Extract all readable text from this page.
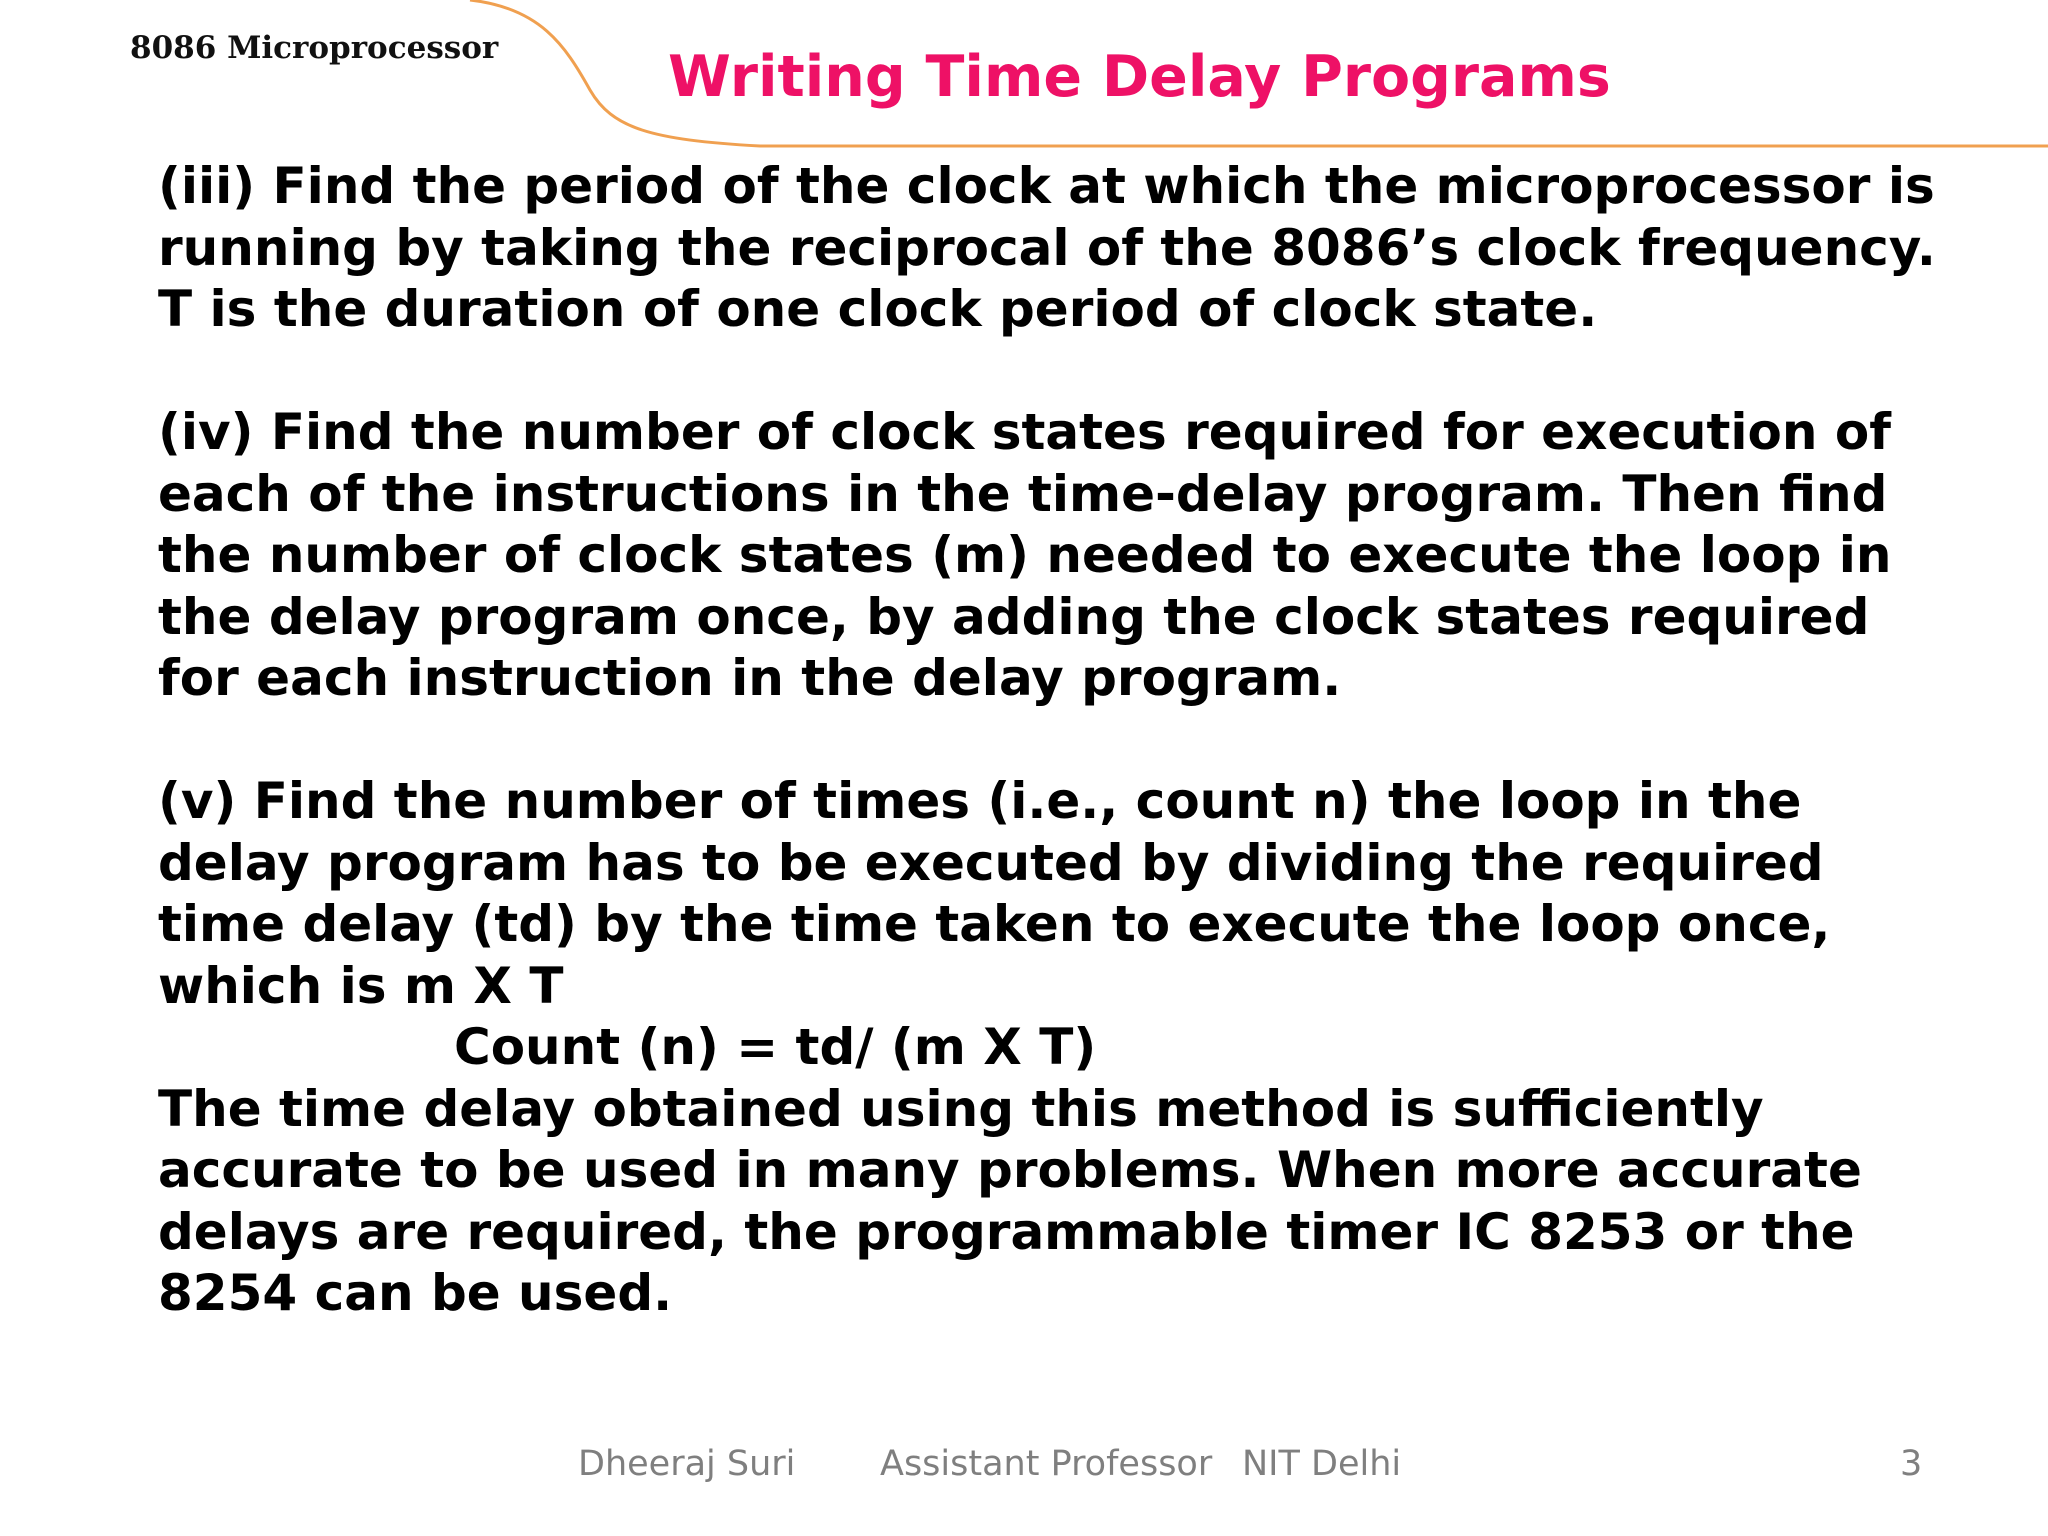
8086 Microprocessor	Writing Time Delay Programs
(iii) Find the period of the clock at which the microprocessor is
running by taking the reciprocal of the 8086’s clock frequency.
T is the duration of one clock period of clock state.
(iv) Find the number of clock states required for execution of
each of the instructions in the time-delay program. Then find
the number of clock states (m) needed to execute the loop in
the delay program once, by adding the clock states required
for each instruction in the delay program.
(v) Find the number of times (i.e., count n) the loop in the
delay program has to be executed by dividing the required
time delay (td) by the time taken to execute the loop once,
which is m X T
Count (n) = td/ (m X T)
The time delay obtained using this method is sufficiently
accurate to be used in many problems. When more accurate
delays are required, the programmable timer IC 8253 or the
8254 can be used.
Dheeraj Suri Assistant Professor NIT Delhi	3
